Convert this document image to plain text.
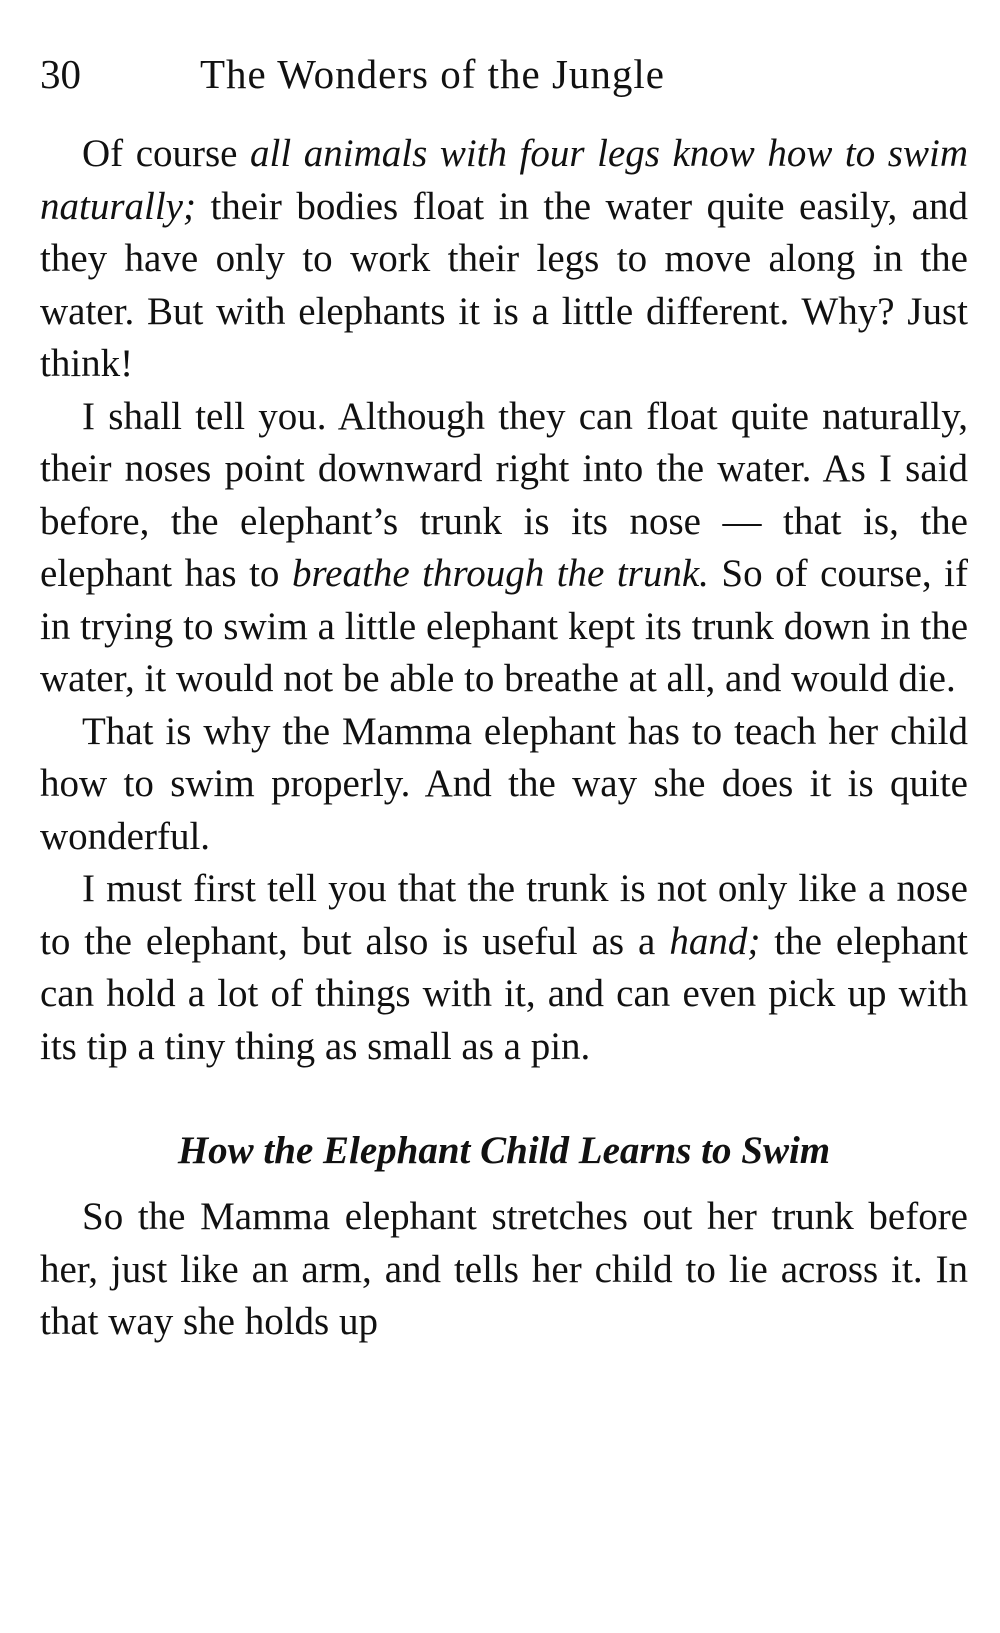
30	The Wonders of the Jungle

Of course all animals with four legs know how to swim naturally; their bodies float in the water quite easily, and they have only to work their legs to move along in the water. But with elephants it is a little different. Why? Just think!

I shall tell you. Although they can float quite naturally, their noses point downward right into the water. As I said before, the elephant’s trunk is its nose — that is, the elephant has to breathe through the trunk. So of course, if in trying to swim a little elephant kept its trunk down in the water, it would not be able to breathe at all, and would die.

That is why the Mamma elephant has to teach her child how to swim properly. And the way she does it is quite wonderful.

I must first tell you that the trunk is not only like a nose to the elephant, but also is useful as a hand; the elephant can hold a lot of things with it, and can even pick up with its tip a tiny thing as small as a pin.

How the Elephant Child Learns to Swim

So the Mamma elephant stretches out her trunk before her, just like an arm, and tells her child to lie across it. In that way she holds up
